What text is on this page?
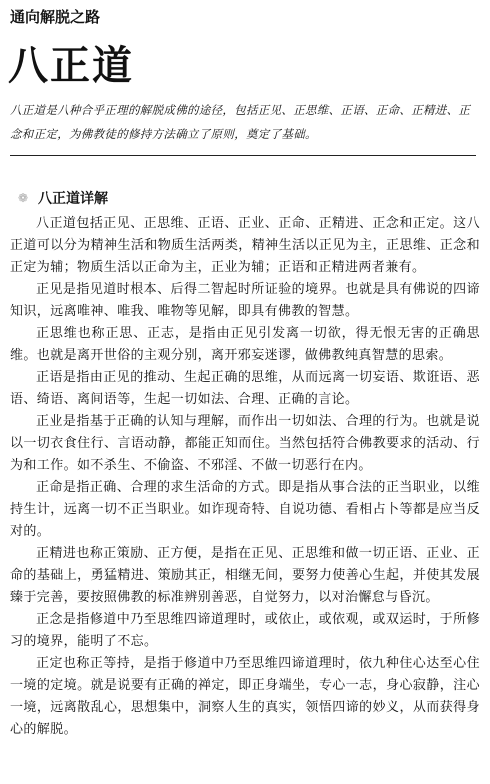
通向解脱之路
八正道
八正道是八种合乎正理的解脱成佛的途径，包括正见、正思维、正语、正命、正精进、正念和正定，为佛教徒的修持方法确立了原则，奠定了基础。
❁ 八正道详解

八正道包括正见、正思维、正语、正业、正命、正精进、正念和正定。这八正道可以分为精神生活和物质生活两类，精神生活以正见为主，正思维、正念和正定为辅；物质生活以正命为主，正业为辅；正语和正精进两者兼有。

正见是指见道时根本、后得二智起时所证验的境界。也就是具有佛说的四谛知识，远离唯神、唯我、唯物等见解，即具有佛教的智慧。

正思维也称正思、正志，是指由正见引发离一切欲，得无恨无害的正确思维。也就是离开世俗的主观分别，离开邪妄迷谬，做佛教纯真智慧的思索。

正语是指由正见的推动、生起正确的思维，从而远离一切妄语、欺诳语、恶语、绮语、离间语等，生起一切如法、合理、正确的言论。

正业是指基于正确的认知与理解，而作出一切如法、合理的行为。也就是说以一切衣食住行、言语动静，都能正知而住。当然包括符合佛教要求的活动、行为和工作。如不杀生、不偷盗、不邪淫、不做一切恶行在内。

正命是指正确、合理的求生活命的方式。即是指从事合法的正当职业，以维持生计，远离一切不正当职业。如诈现奇特、自说功德、看相占卜等都是应当反对的。

正精进也称正策励、正方便，是指在正见、正思维和做一切正语、正业、正命的基础上，勇猛精进、策励其正，相继无间，要努力使善心生起，并使其发展臻于完善，要按照佛教的标准辨别善恶，自觉努力，以对治懈怠与昏沉。

正念是指修道中乃至思维四谛道理时，或依止，或依观，或双运时，于所修习的境界，能明了不忘。

正定也称正等持，是指于修道中乃至思维四谛道理时，依九种住心达至心住一境的定境。就是说要有正确的禅定，即正身端坐，专心一志，身心寂静，注心一境，远离散乱心，思想集中，洞察人生的真实，领悟四谛的妙义，从而获得身心的解脱。
